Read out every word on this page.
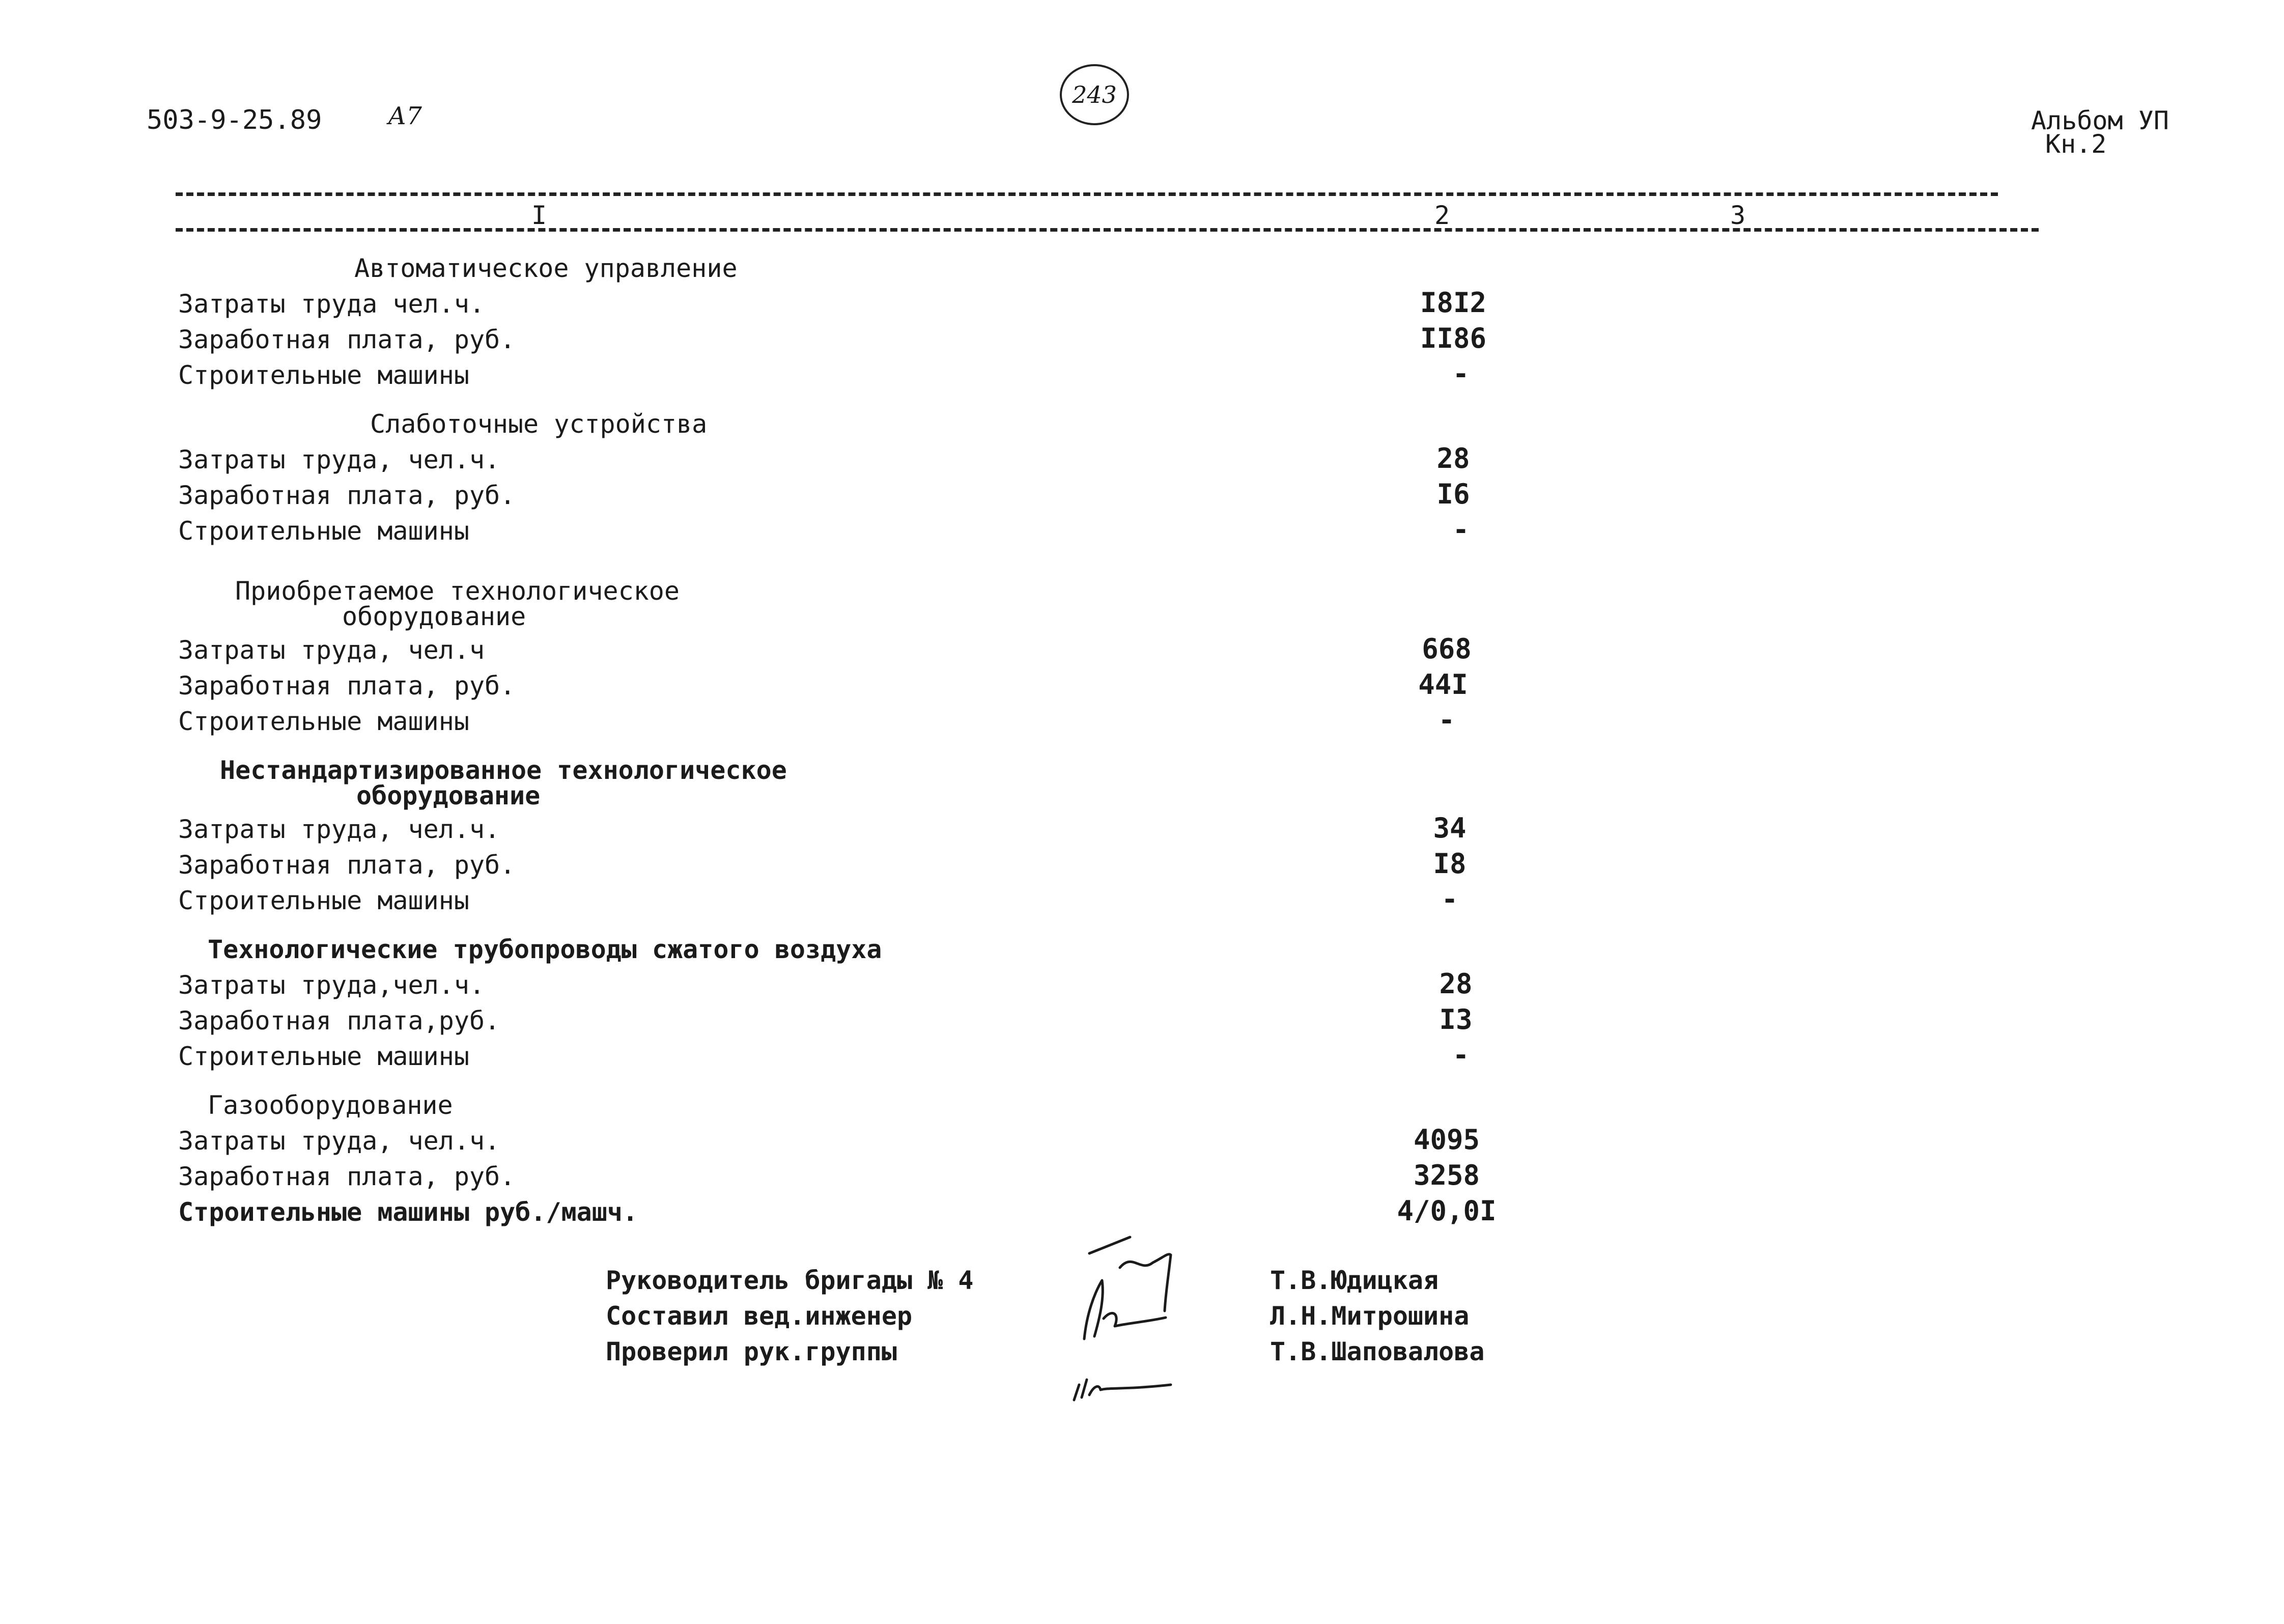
503-9-25.89	А7
243
Альбом УП
Кн.2
I	2	3
Автоматическое управление
Затраты труда чел.ч.	I8I2
Заработная плата, руб.	II86
Строительные машины	-
Слаботочные устройства
Затраты труда, чел.ч.	28
Заработная плата, руб.	I6
Строительные машины	-
Приобретаемое технологическое
оборудование
Затраты труда, чел.ч	668
Заработная плата, руб.	44I
Строительные машины	-
Нестандартизированное технологическое
оборудование
Затраты труда, чел.ч.	34
Заработная плата, руб.	I8
Строительные машины	-
Технологические трубопроводы сжатого воздуха
Затраты труда,чел.ч.	28
Заработная плата,руб.	I3
Строительные машины	-
Газооборудование
Затраты труда, чел.ч.	4095
Заработная плата, руб.	3258
Строительные машины руб./машч.	4/0,0I
Руководитель бригады № 4
Составил вед.инженер
Проверил рук.группы
Т.В.Юдицкая
Л.Н.Митрошина
Т.В.Шаповалова
